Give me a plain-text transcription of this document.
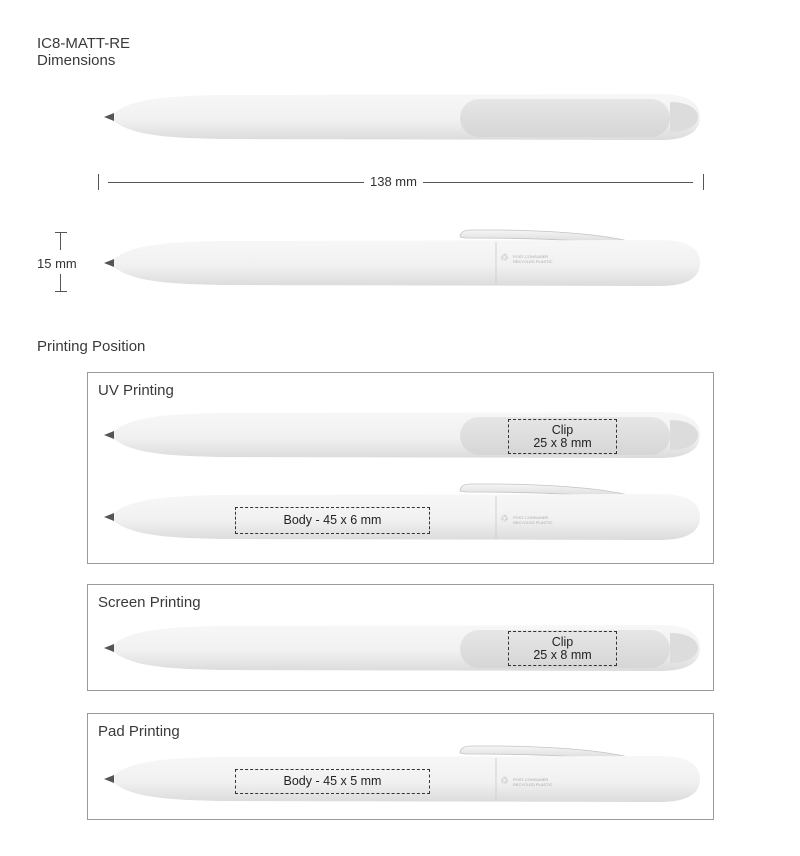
IC8-MATT-RE
Dimensions
138 mm
15 mm	♲ POST-CONSUMER
RECYCLED PLASTIC
Printing Position
UV Printing
Clip
25 x 8 mm
Body - 45 x 6 mm	♲ POST-CONSUMER
RECYCLED PLASTIC
Screen Printing
Clip
25 x 8 mm
Pad Printing
Body - 45 x 5 mm	♲ POST-CONSUMER
RECYCLED PLASTIC
